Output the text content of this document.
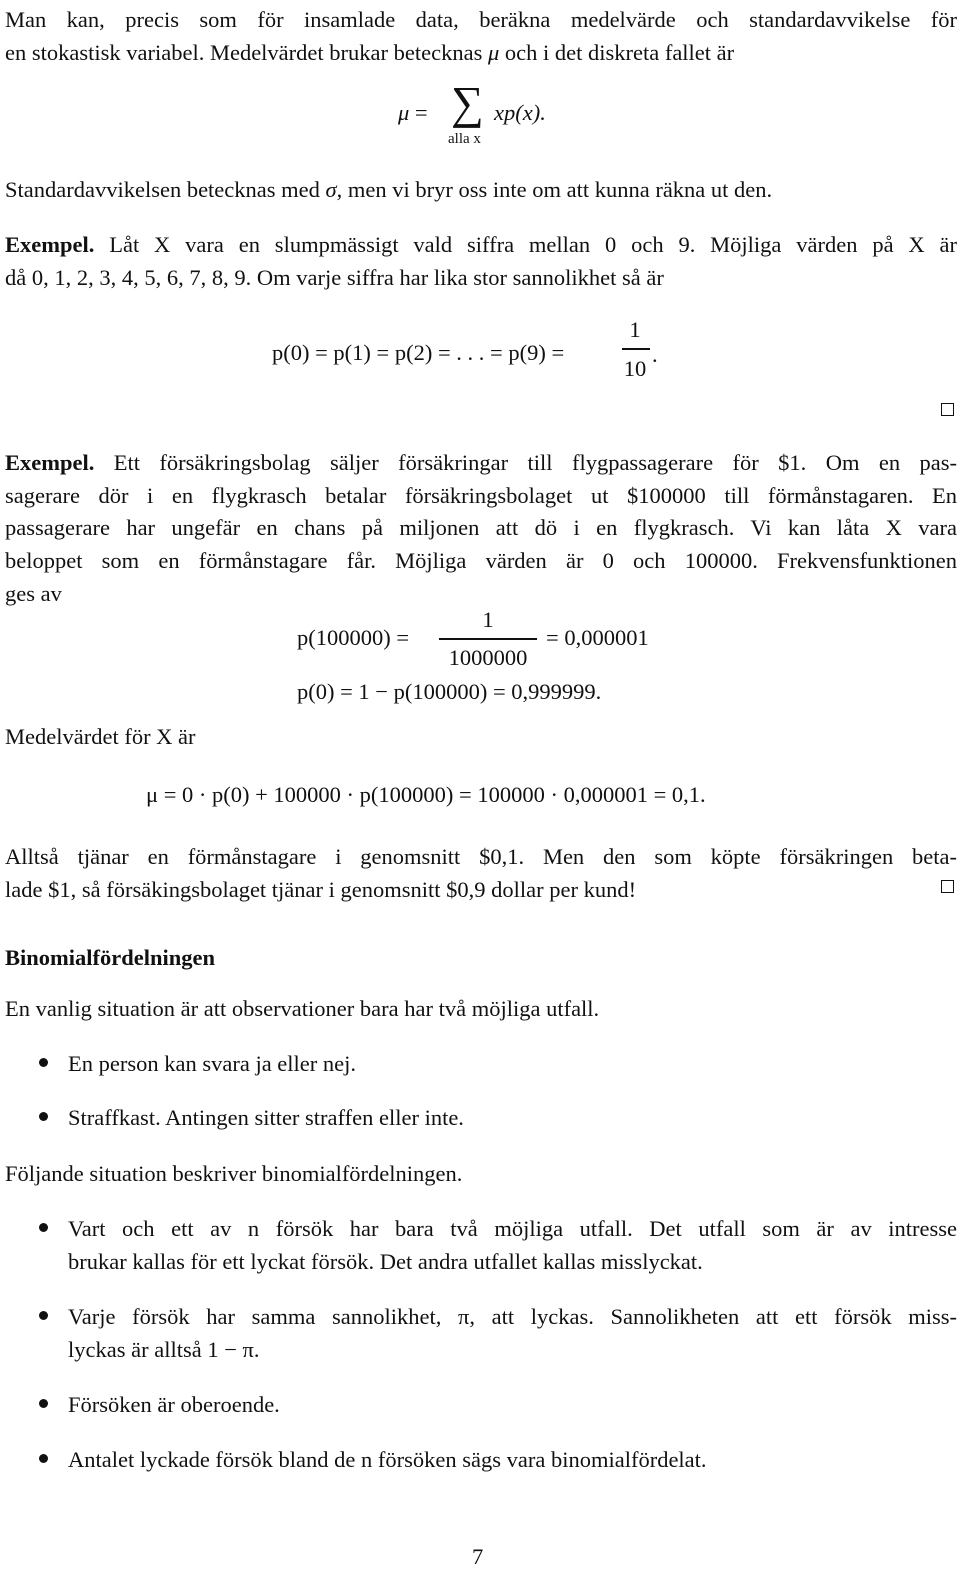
Man kan, precis som för insamlade data, beräkna medelvärde och standardavvikelse för
en stokastisk variabel. Medelvärdet brukar betecknas μ och i det diskreta fallet är
μ = ∑
alla x
xp(x).
Standardavvikelsen betecknas med σ, men vi bryr oss inte om att kunna räkna ut den.
Exempel. Låt X vara en slumpmässigt vald siffra mellan 0 och 9. Möjliga värden på X är
då 0, 1, 2, 3, 4, 5, 6, 7, 8, 9. Om varje siffra har lika stor sannolikhet så är
p(0) = p(1) = p(2) = . . . = p(9) =
1
10
.
Exempel. Ett försäkringsbolag säljer försäkringar till flygpassagerare för $1. Om en pas-
sagerare dör i en flygkrasch betalar försäkringsbolaget ut $100000 till förmånstagaren. En
passagerare har ungefär en chans på miljonen att dö i en flygkrasch. Vi kan låta X vara
beloppet som en förmånstagare får. Möjliga värden är 0 och 100000. Frekvensfunktionen
ges av
p(100000) =
1
1000000
= 0,000001
p(0) = 1 − p(100000) = 0,999999.
Medelvärdet för X är
μ = 0 · p(0) + 100000 · p(100000) = 100000 · 0,000001 = 0,1.
Alltså tjänar en förmånstagare i genomsnitt $0,1. Men den som köpte försäkringen beta-
lade $1, så försäkingsbolaget tjänar i genomsnitt $0,9 dollar per kund!
Binomialfördelningen
En vanlig situation är att observationer bara har två möjliga utfall.
En person kan svara ja eller nej.
Straffkast. Antingen sitter straffen eller inte.
Följande situation beskriver binomialfördelningen.
Vart och ett av n försök har bara två möjliga utfall. Det utfall som är av intresse
brukar kallas för ett lyckat försök. Det andra utfallet kallas misslyckat.
Varje försök har samma sannolikhet, π, att lyckas. Sannolikheten att ett försök miss-
lyckas är alltså 1 − π.
Försöken är oberoende.
Antalet lyckade försök bland de n försöken sägs vara binomialfördelat.
7
